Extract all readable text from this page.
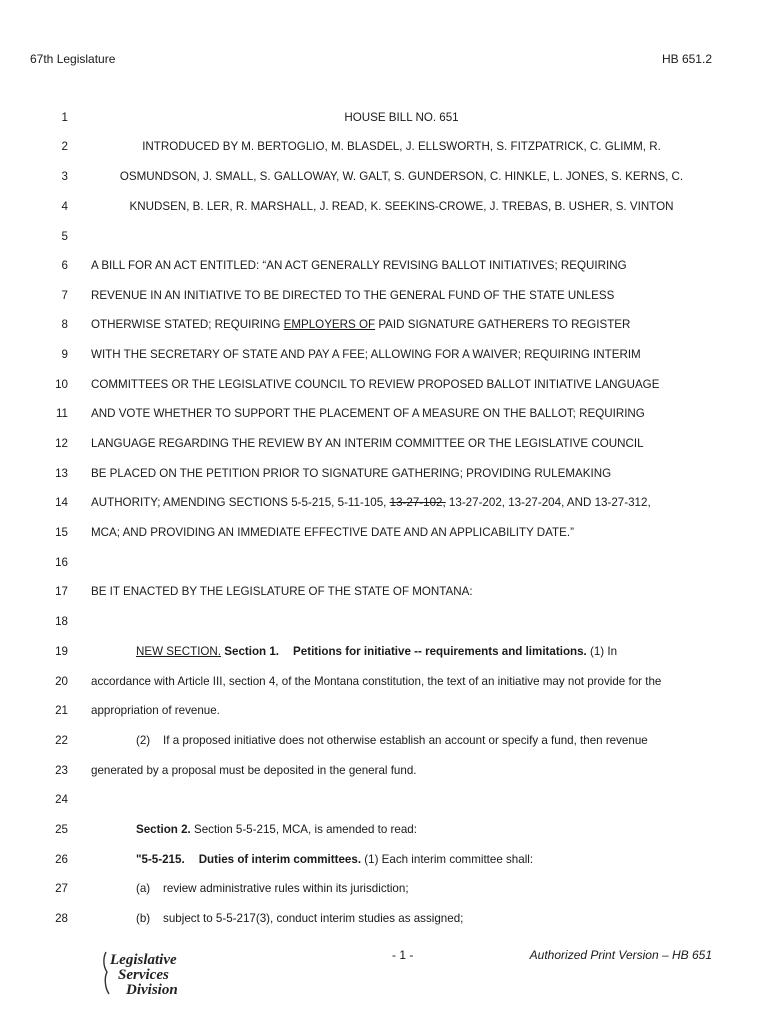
67th Legislature	HB 651.2
1	HOUSE BILL NO. 651
2	INTRODUCED BY M. BERTOGLIO, M. BLASDEL, J. ELLSWORTH, S. FITZPATRICK, C. GLIMM, R.
3	OSMUNDSON, J. SMALL, S. GALLOWAY, W. GALT, S. GUNDERSON, C. HINKLE, L. JONES, S. KERNS, C.
4	KNUDSEN, B. LER, R. MARSHALL, J. READ, K. SEEKINS-CROWE, J. TREBAS, B. USHER, S. VINTON
5
6 A BILL FOR AN ACT ENTITLED: “AN ACT GENERALLY REVISING BALLOT INITIATIVES; REQUIRING
7 REVENUE IN AN INITIATIVE TO BE DIRECTED TO THE GENERAL FUND OF THE STATE UNLESS
8 OTHERWISE STATED; REQUIRING EMPLOYERS OF PAID SIGNATURE GATHERERS TO REGISTER
9 WITH THE SECRETARY OF STATE AND PAY A FEE; ALLOWING FOR A WAIVER; REQUIRING INTERIM
10 COMMITTEES OR THE LEGISLATIVE COUNCIL TO REVIEW PROPOSED BALLOT INITIATIVE LANGUAGE
11 AND VOTE WHETHER TO SUPPORT THE PLACEMENT OF A MEASURE ON THE BALLOT; REQUIRING
12 LANGUAGE REGARDING THE REVIEW BY AN INTERIM COMMITTEE OR THE LEGISLATIVE COUNCIL
13 BE PLACED ON THE PETITION PRIOR TO SIGNATURE GATHERING; PROVIDING RULEMAKING
14 AUTHORITY; AMENDING SECTIONS 5-5-215, 5-11-105, 13-27-102, 13-27-202, 13-27-204, AND 13-27-312,
15 MCA; AND PROVIDING AN IMMEDIATE EFFECTIVE DATE AND AN APPLICABILITY DATE.”
16
17 BE IT ENACTED BY THE LEGISLATURE OF THE STATE OF MONTANA:
18
19	NEW SECTION. Section 1. Petitions for initiative -- requirements and limitations. (1) In
20 accordance with Article III, section 4, of the Montana constitution, the text of an initiative may not provide for the
21 appropriation of revenue.
22	(2)    If a proposed initiative does not otherwise establish an account or specify a fund, then revenue
23 generated by a proposal must be deposited in the general fund.
24
25	Section 2. Section 5-5-215, MCA, is amended to read:
26	"5-5-215. Duties of interim committees. (1) Each interim committee shall:
27	(a)    review administrative rules within its jurisdiction;
28	(b)    subject to 5-5-217(3), conduct interim studies as assigned;
Legislative
Services
Division
- 1 -	Authorized Print Version – HB 651
